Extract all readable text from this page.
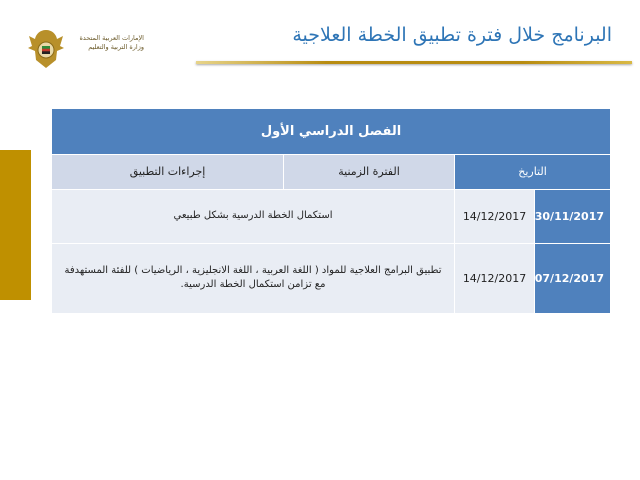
الإمارات العربية المتحدة
وزارة التربية والتعليم
البرنامج خلال فترة تطبيق الخطة العلاجية
الفصل الدراسي الأول			
التاريخ		الفترة الزمنية	إجراءات التطبيق
30/11/2017	14/12/2017	استكمال الخطة الدرسية بشكل طبيعي	
07/12/2017	14/12/2017	تطبيق البرامج العلاجية للمواد ( اللغة العربية ، اللغة الانجليزية ، الرياضيات ) للفئة المستهدفة مع تزامن استكمال الخطة الدرسية.	
